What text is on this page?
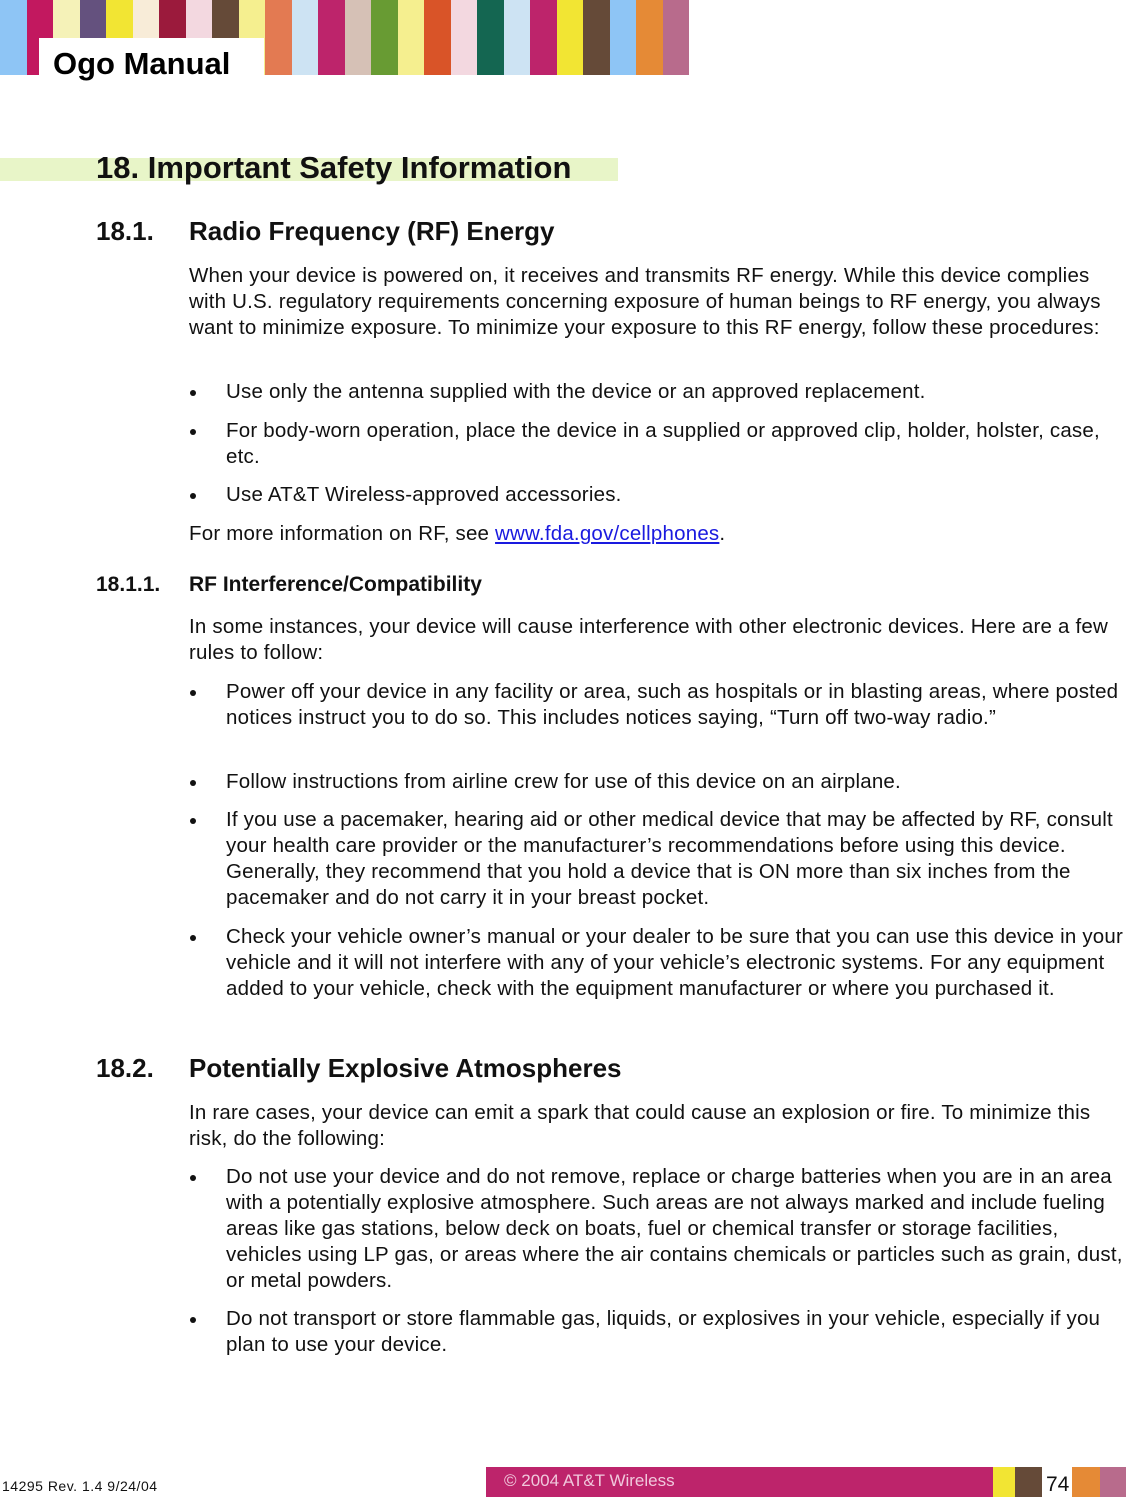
Ogo Manual
18. Important Safety Information
18.1. Radio Frequency (RF) Energy
When your device is powered on, it receives and transmits RF energy. While this device complies with U.S. regulatory requirements concerning exposure of human beings to RF energy, you always want to minimize exposure. To minimize your exposure to this RF energy, follow these procedures:
Use only the antenna supplied with the device or an approved replacement.
For body-worn operation, place the device in a supplied or approved clip, holder, holster, case, etc.
Use AT&T Wireless-approved accessories.
For more information on RF, see www.fda.gov/cellphones.
18.1.1. RF Interference/Compatibility
In some instances, your device will cause interference with other electronic devices. Here are a few rules to follow:
Power off your device in any facility or area, such as hospitals or in blasting areas, where posted notices instruct you to do so. This includes notices saying, “Turn off two-way radio.”
Follow instructions from airline crew for use of this device on an airplane.
If you use a pacemaker, hearing aid or other medical device that may be affected by RF, consult your health care provider or the manufacturer’s recommendations before using this device. Generally, they recommend that you hold a device that is ON more than six inches from the pacemaker and do not carry it in your breast pocket.
Check your vehicle owner’s manual or your dealer to be sure that you can use this device in your vehicle and it will not interfere with any of your vehicle’s electronic systems. For any equipment added to your vehicle, check with the equipment manufacturer or where you purchased it.
18.2. Potentially Explosive Atmospheres
In rare cases, your device can emit a spark that could cause an explosion or fire. To minimize this risk, do the following:
Do not use your device and do not remove, replace or charge batteries when you are in an area with a potentially explosive atmosphere. Such areas are not always marked and include fueling areas like gas stations, below deck on boats, fuel or chemical transfer or storage facilities, vehicles using LP gas, or areas where the air contains chemicals or particles such as grain, dust, or metal powders.
Do not transport or store flammable gas, liquids, or explosives in your vehicle, especially if you plan to use your device.
14295 Rev. 1.4 9/24/04	© 2004 AT&T Wireless	74
